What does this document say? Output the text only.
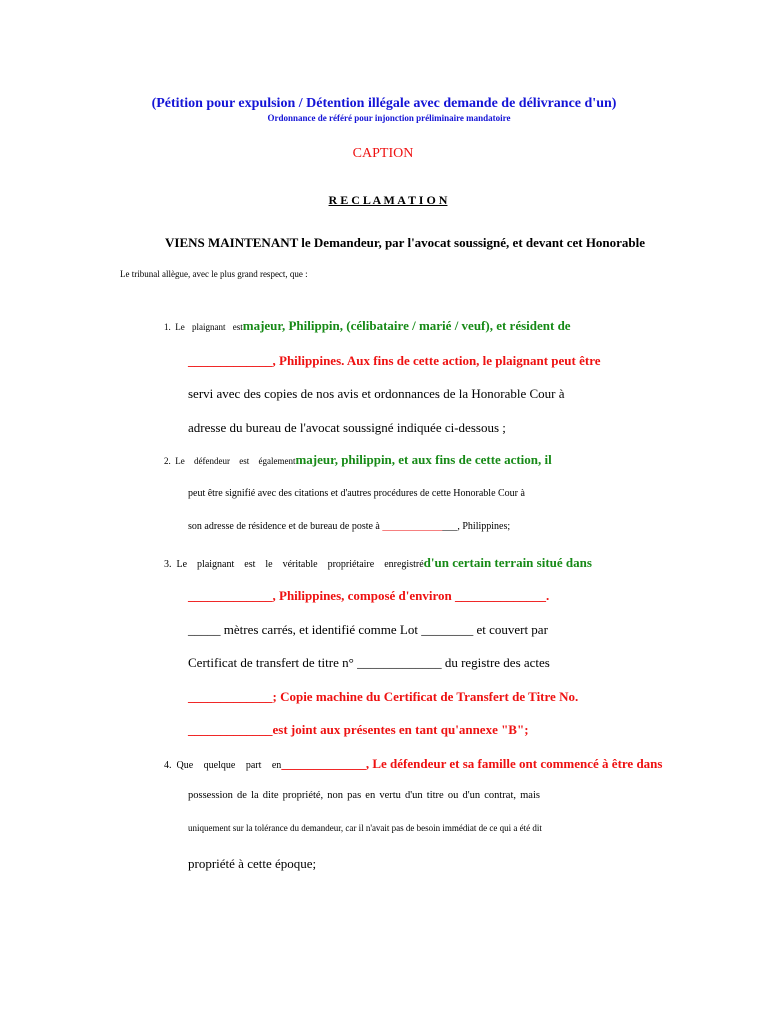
(Pétition pour expulsion / Détention illégale avec demande de délivrance d'un)
Ordonnance de référé pour injonction préliminaire mandatoire
CAPTION
R E C L A M A T I O N
VIENS MAINTENANT le Demandeur, par l'avocat soussigné, et devant cet Honorable
Le tribunal allègue, avec le plus grand respect, que :
1. Le plaignant estmajeur, Philippin, (célibataire / marié / veuf), et résident de
_____________, Philippines. Aux fins de cette action, le plaignant peut être
servi avec des copies de nos avis et ordonnances de la Honorable Cour à
adresse du bureau de l'avocat soussigné indiquée ci-dessous ;
2. Le défendeur est égalementmajeur, philippin, et aux fins de cette action, il
peut être signifié avec des citations et d'autres procédures de cette Honorable Cour à
son adresse de résidence et de bureau de poste à _______________, Philippines;
3. Le plaignant est le véritable propriétaire enregistréd'un certain terrain situé dans
_____________, Philippines, composé d'environ ______________.
_____ mètres carrés, et identifié comme Lot ________ et couvert par
Certificat de transfert de titre n° _____________ du registre des actes
_____________; Copie machine du Certificat de Transfert de Titre No.
_____________est joint aux présentes en tant qu'annexe "B";
4. Que quelque part en_____________, Le défendeur et sa famille ont commencé à être dans
possession de la dite propriété, non pas en vertu d'un titre ou d'un contrat, mais
uniquement sur la tolérance du demandeur, car il n'avait pas de besoin immédiat de ce qui a été dit
propriété à cette époque;
